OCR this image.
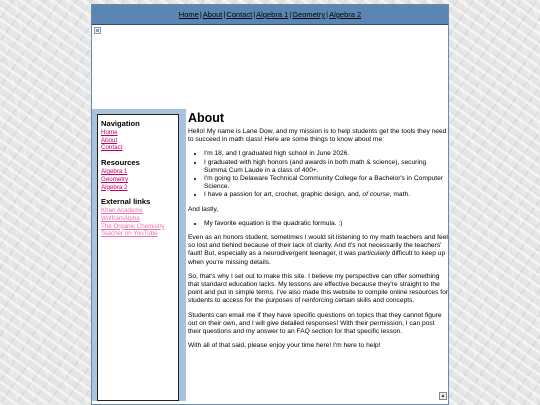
Home|About|Contact|Algebra 1|Geometry|Algebra 2
Navigation
Home
About
Contact
Resources
Algebra 1
Geometry
Algebra 2
External links
Khan Academy
WolframAlpha
The Organic Chemistry Teacher on YouTube
About

Hello! My name is Lane Dow, and my mission is to help students get the tools they need to succeed in math class! Here are some things to know about me:

• I'm 18, and I graduated high school in June 2026.
• I graduated with high honors (and awards in both math & science), securing Summa Cum Laude in a class of 400+.
• I'm going to Delaware Technical Community College for a Bachelor's in Computer Science.
• I have a passion for art, crochet, graphic design, and, of course, math.

And lastly,

• My favorite equation is the quadratic formula. :)

Even as an honors student, sometimes I would sit listening to my math teachers and feel so lost and behind because of their lack of clarity. And it's not necessarily the teachers' fault! But, especially as a neurodivergent teenager, it was particularly difficult to keep up when you're missing details.

So, that's why I set out to make this site. I believe my perspective can offer something that standard education lacks. My lessons are effective because they're straight to the point and put in simple terms. I've also made this website to compile online resources for students to access for the purposes of reinforcing certain skills and concepts.

Students can email me if they have specific questions on topics that they cannot figure out on their own, and I will give detailed responses! With their permission, I can post their questions and my answer to an FAQ section for that specific lesson.

With all of that said, please enjoy your time here! I'm here to help!

▲
